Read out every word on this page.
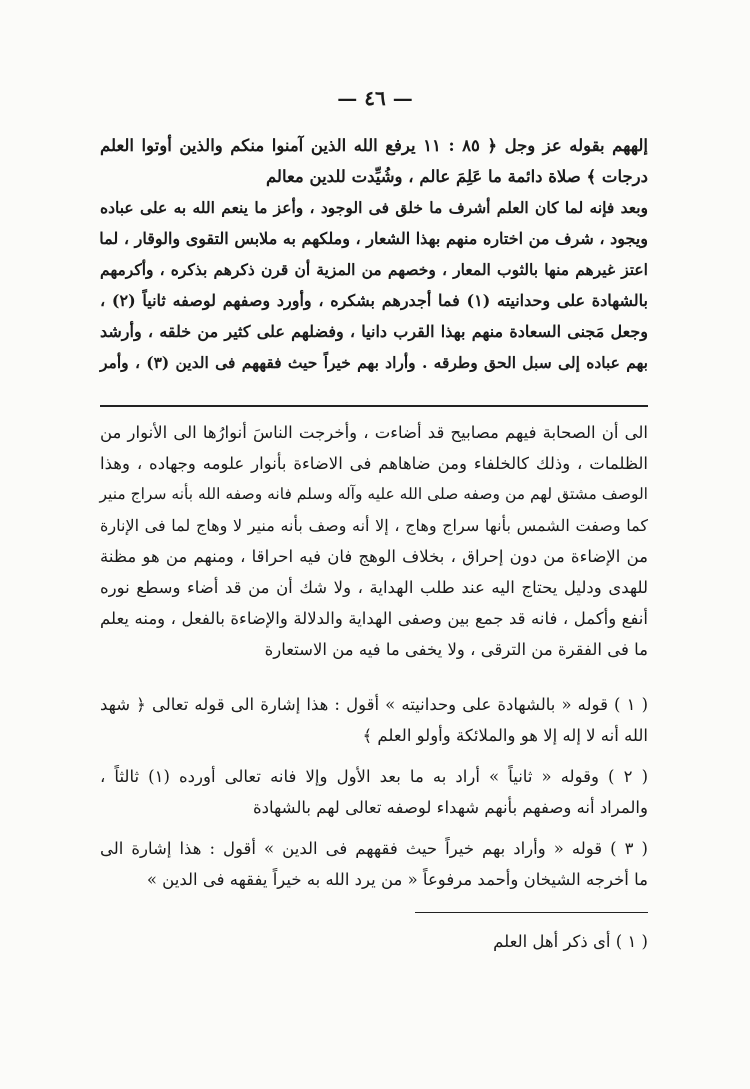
— ٤٦ —
إلههم بقوله عز وجل ﴿ ٨٥ : ١١ يرفع الله الذين آمنوا منكم والذين أوتوا العلم
درجات ﴾ صلاة دائمة ما عَلِمَ عالم ، وشُيِّدت للدين معالم
وبعد فإنه لما كان العلم أشرف ما خلق فى الوجود ، وأعز ما ينعم الله به على عباده
ويجود ، شرف من اختاره منهم بهذا الشعار ، وملكهم به ملابس التقوى والوقار ، لما
اعتز غيرهم منها بالثوب المعار ، وخصهم من المزية أن قرن ذكرهم بذكره ، وأكرمهم
بالشهادة على وحدانيته (١) فما أجدرهم بشكره ، وأورد وصفهم لوصفه ثانياً (٢) ،
وجعل مَجنى السعادة منهم بهذا القرب دانيا ، وفضلهم على كثير من خلقه ، وأرشد
بهم عباده إلى سبل الحق وطرقه . وأراد بهم خيراً حيث فقههم فى الدين (٣) ، وأمر
الى أن الصحابة فيهم مصابيح قد أضاءت ، وأخرجت الناسَ أنوارُها الى الأنوار من
الظلمات ، وذلك كالخلفاء ومن ضاهاهم فى الاضاءة بأنوار علومه وجهاده ، وهذا
الوصف مشتق لهم من وصفه صلى الله عليه وآله وسلم فانه وصفه الله بأنه سراج منير
كما وصفت الشمس بأنها سراج وهاج ، إلا أنه وصف بأنه منير لا وهاج لما فى الإنارة
من الإضاءة من دون إحراق ، بخلاف الوهج فان فيه احراقا ، ومنهم من هو مظنة
للهدى ودليل يحتاج اليه عند طلب الهداية ، ولا شك أن من قد أضاء وسطع نوره
أنفع وأكمل ، فانه قد جمع بين وصفى الهداية والدلالة والإضاءة بالفعل ، ومنه يعلم
ما فى الفقرة من الترقى ، ولا يخفى ما فيه من الاستعارة
( ١ ) قوله « بالشهادة على وحدانيته » أقول : هذا إشارة الى قوله تعالى ﴿ شهد
الله أنه لا إله إلا هو والملائكة وأولو العلم ﴾
( ٢ ) وقوله « ثانياً » أراد به ما بعد الأول وإلا فانه تعالى أورده (١) ثالثاً ،
والمراد أنه وصفهم بأنهم شهداء لوصفه تعالى لهم بالشهادة
( ٣ ) قوله « وأراد بهم خيراً حيث فقههم فى الدين » أقول : هذا إشارة الى
ما أخرجه الشيخان وأحمد مرفوعاً « من يرد الله به خيراً يفقهه فى الدين »
( ١ ) أى ذكر أهل العلم
